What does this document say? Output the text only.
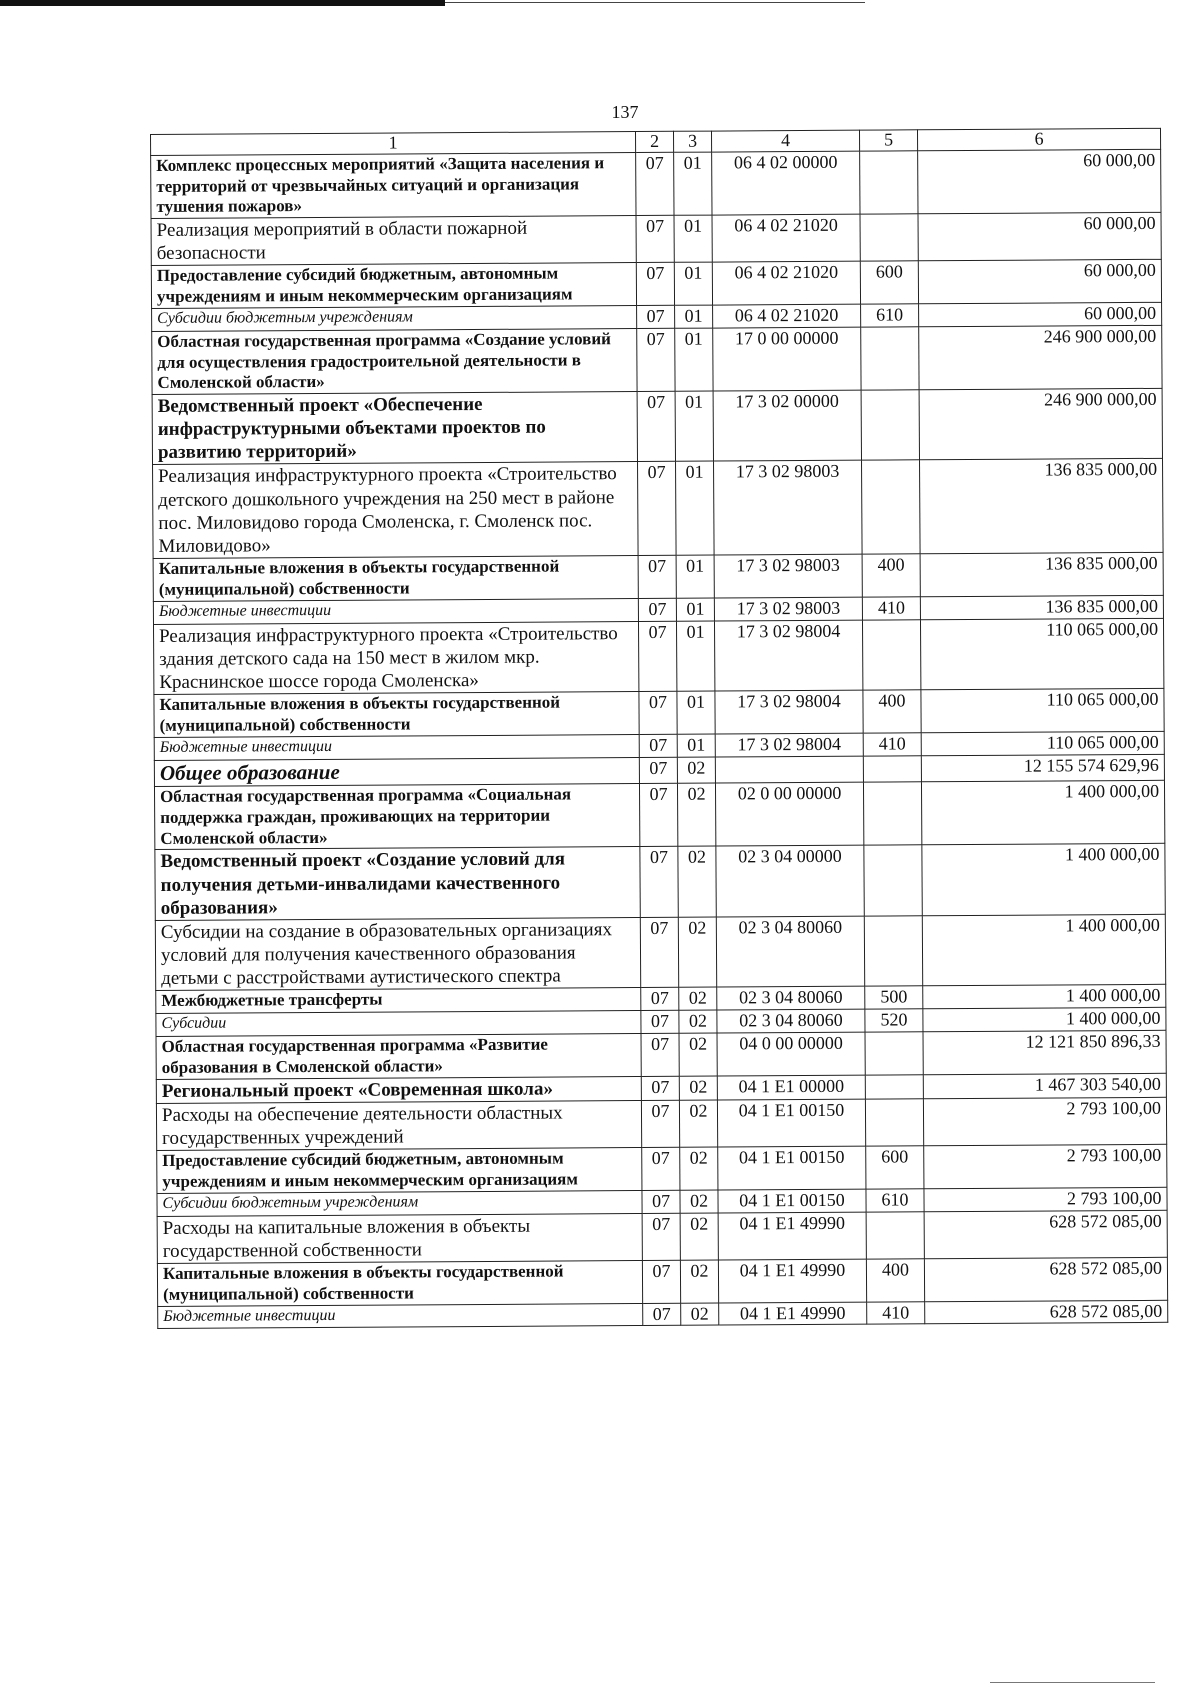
137
1	2	3	4	5	6
Комплекс процессных мероприятий «Защита населения и территорий от чрезвычайных ситуаций и организация тушения пожаров»	07	01	06 4 02 00000		60 000,00
Реализация мероприятий в области пожарной безопасности	07	01	06 4 02 21020		60 000,00
Предоставление субсидий бюджетным, автономным учреждениям и иным некоммерческим организациям	07	01	06 4 02 21020	600	60 000,00
Субсидии бюджетным учреждениям	07	01	06 4 02 21020	610	60 000,00
Областная государственная программа «Создание условий для осуществления градостроительной деятельности в Смоленской области»	07	01	17 0 00 00000		246 900 000,00
Ведомственный проект «Обеспечение инфраструктурными объектами проектов по развитию территорий»	07	01	17 3 02 00000		246 900 000,00
Реализация инфраструктурного проекта «Строительство детского дошкольного учреждения на 250 мест в районе пос. Миловидово города Смоленска, г. Смоленск пос. Миловидово»	07	01	17 3 02 98003		136 835 000,00
Капитальные вложения в объекты государственной (муниципальной) собственности	07	01	17 3 02 98003	400	136 835 000,00
Бюджетные инвестиции	07	01	17 3 02 98003	410	136 835 000,00
Реализация инфраструктурного проекта «Строительство здания детского сада на 150 мест в жилом мкр. Краснинское шоссе города Смоленска»	07	01	17 3 02 98004		110 065 000,00
Капитальные вложения в объекты государственной (муниципальной) собственности	07	01	17 3 02 98004	400	110 065 000,00
Бюджетные инвестиции	07	01	17 3 02 98004	410	110 065 000,00
Общее образование	07	02			12 155 574 629,96
Областная государственная программа «Социальная поддержка граждан, проживающих на территории Смоленской области»	07	02	02 0 00 00000		1 400 000,00
Ведомственный проект «Создание условий для получения детьми-инвалидами качественного образования»	07	02	02 3 04 00000		1 400 000,00
Субсидии на создание в образовательных организациях условий для получения качественного образования детьми с расстройствами аутистического спектра	07	02	02 3 04 80060		1 400 000,00
Межбюджетные трансферты	07	02	02 3 04 80060	500	1 400 000,00
Субсидии	07	02	02 3 04 80060	520	1 400 000,00
Областная государственная программа «Развитие образования в Смоленской области»	07	02	04 0 00 00000		12 121 850 896,33
Региональный проект «Современная школа»	07	02	04 1 E1 00000		1 467 303 540,00
Расходы на обеспечение деятельности областных государственных учреждений	07	02	04 1 E1 00150		2 793 100,00
Предоставление субсидий бюджетным, автономным учреждениям и иным некоммерческим организациям	07	02	04 1 E1 00150	600	2 793 100,00
Субсидии бюджетным учреждениям	07	02	04 1 E1 00150	610	2 793 100,00
Расходы на капитальные вложения в объекты государственной собственности	07	02	04 1 E1 49990		628 572 085,00
Капитальные вложения в объекты государственной (муниципальной) собственности	07	02	04 1 E1 49990	400	628 572 085,00
Бюджетные инвестиции	07	02	04 1 E1 49990	410	628 572 085,00
